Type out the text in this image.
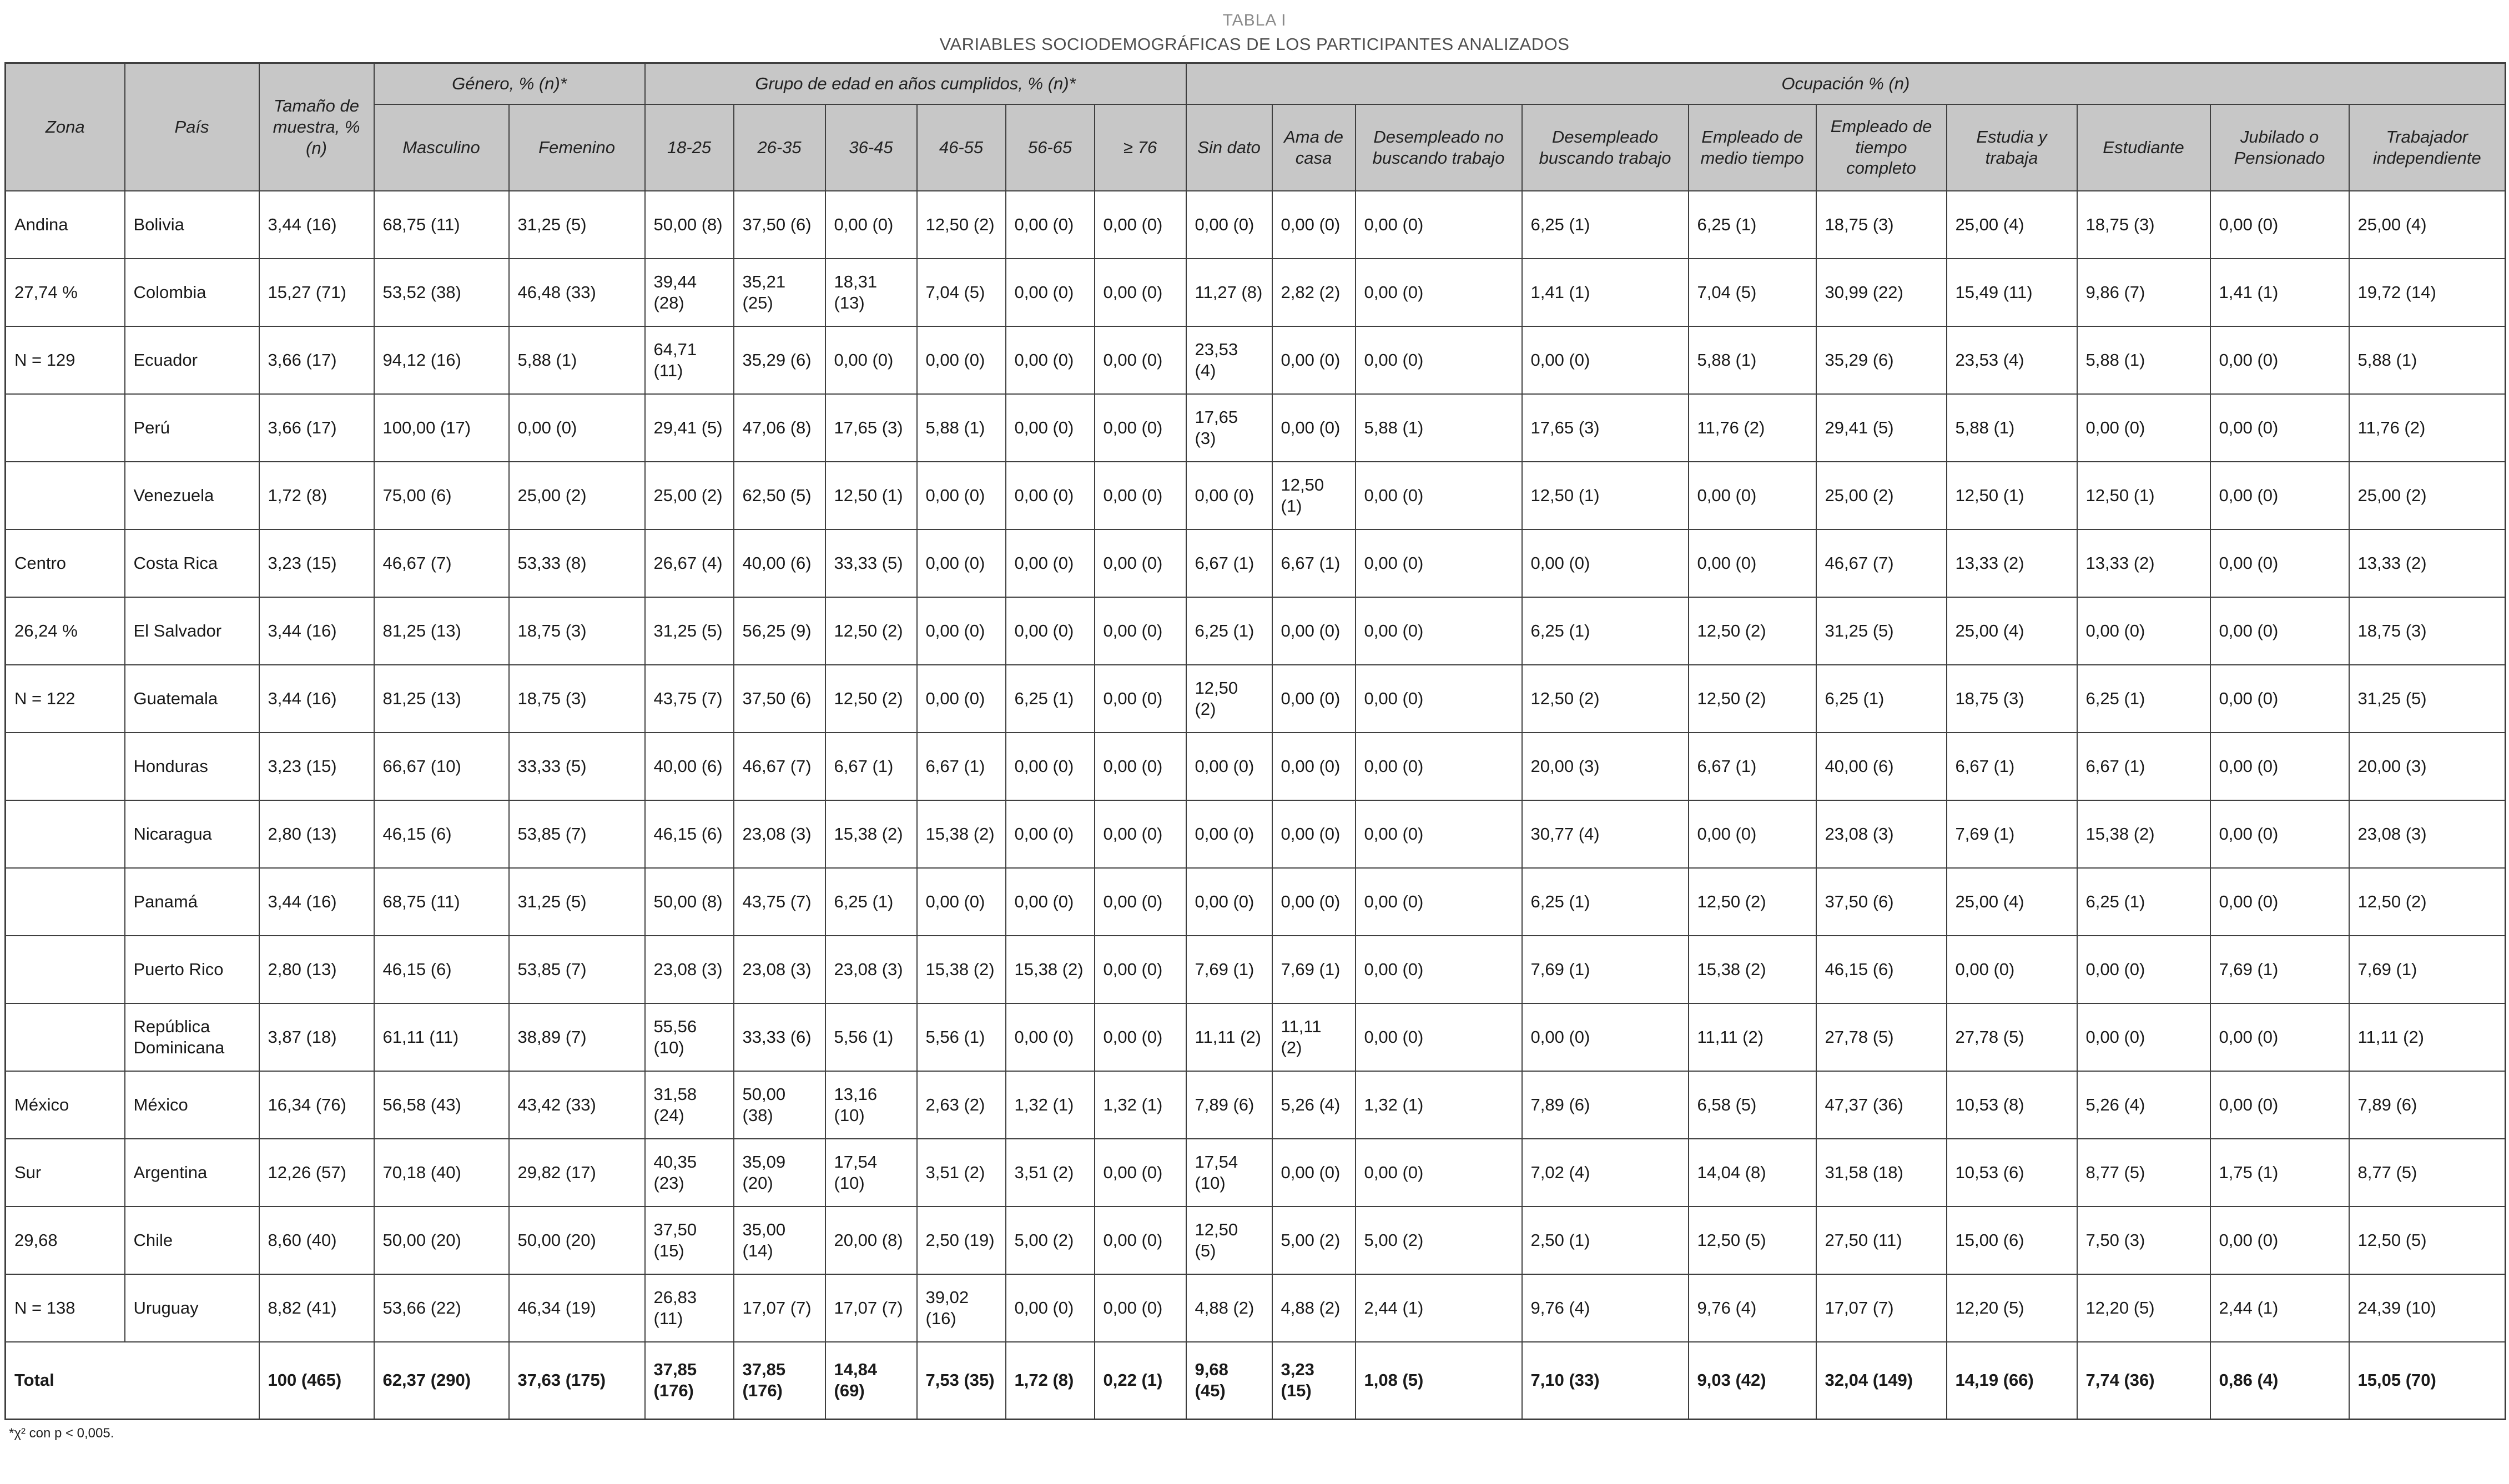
TABLA I
VARIABLES SOCIODEMOGRÁFICAS DE LOS PARTICIPANTES ANALIZADOS
Zona	País	Tamaño de muestra, % (n)	Género, % (n)*		Grupo de edad en años cumplidos, % (n)*						Ocupación % (n)									
			Masculino	Femenino	18-25	26-35	36-45	46-55	56-65	≥ 76	Sin dato	Ama de casa	Desempleado no buscando trabajo	Desempleado buscando trabajo	Empleado de medio tiempo	Empleado de tiempo completo	Estudia y trabaja	Estudiante	Jubilado o Pensionado	Trabajador independiente
Andina	Bolivia	3,44 (16)	68,75 (11)	31,25 (5)	50,00 (8)	37,50 (6)	0,00 (0)	12,50 (2)	0,00 (0)	0,00 (0)	0,00 (0)	0,00 (0)	0,00 (0)	6,25 (1)	6,25 (1)	18,75 (3)	25,00 (4)	18,75 (3)	0,00 (0)	25,00 (4)
27,74 %	Colombia	15,27 (71)	53,52 (38)	46,48 (33)	39,44 (28)	35,21 (25)	18,31 (13)	7,04 (5)	0,00 (0)	0,00 (0)	11,27 (8)	2,82 (2)	0,00 (0)	1,41 (1)	7,04 (5)	30,99 (22)	15,49 (11)	9,86 (7)	1,41 (1)	19,72 (14)
N = 129	Ecuador	3,66 (17)	94,12 (16)	5,88 (1)	64,71 (11)	35,29 (6)	0,00 (0)	0,00 (0)	0,00 (0)	0,00 (0)	23,53 (4)	0,00 (0)	0,00 (0)	0,00 (0)	5,88 (1)	35,29 (6)	23,53 (4)	5,88 (1)	0,00 (0)	5,88 (1)
	Perú	3,66 (17)	100,00 (17)	0,00 (0)	29,41 (5)	47,06 (8)	17,65 (3)	5,88 (1)	0,00 (0)	0,00 (0)	17,65 (3)	0,00 (0)	5,88 (1)	17,65 (3)	11,76 (2)	29,41 (5)	5,88 (1)	0,00 (0)	0,00 (0)	11,76 (2)
	Venezuela	1,72 (8)	75,00 (6)	25,00 (2)	25,00 (2)	62,50 (5)	12,50 (1)	0,00 (0)	0,00 (0)	0,00 (0)	0,00 (0)	12,50 (1)	0,00 (0)	12,50 (1)	0,00 (0)	25,00 (2)	12,50 (1)	12,50 (1)	0,00 (0)	25,00 (2)
Centro	Costa Rica	3,23 (15)	46,67 (7)	53,33 (8)	26,67 (4)	40,00 (6)	33,33 (5)	0,00 (0)	0,00 (0)	0,00 (0)	6,67 (1)	6,67 (1)	0,00 (0)	0,00 (0)	0,00 (0)	46,67 (7)	13,33 (2)	13,33 (2)	0,00 (0)	13,33 (2)
26,24 %	El Salvador	3,44 (16)	81,25 (13)	18,75 (3)	31,25 (5)	56,25 (9)	12,50 (2)	0,00 (0)	0,00 (0)	0,00 (0)	6,25 (1)	0,00 (0)	0,00 (0)	6,25 (1)	12,50 (2)	31,25 (5)	25,00 (4)	0,00 (0)	0,00 (0)	18,75 (3)
N = 122	Guatemala	3,44 (16)	81,25 (13)	18,75 (3)	43,75 (7)	37,50 (6)	12,50 (2)	0,00 (0)	6,25 (1)	0,00 (0)	12,50 (2)	0,00 (0)	0,00 (0)	12,50 (2)	12,50 (2)	6,25 (1)	18,75 (3)	6,25 (1)	0,00 (0)	31,25 (5)
	Honduras	3,23 (15)	66,67 (10)	33,33 (5)	40,00 (6)	46,67 (7)	6,67 (1)	6,67 (1)	0,00 (0)	0,00 (0)	0,00 (0)	0,00 (0)	0,00 (0)	20,00 (3)	6,67 (1)	40,00 (6)	6,67 (1)	6,67 (1)	0,00 (0)	20,00 (3)
	Nicaragua	2,80 (13)	46,15 (6)	53,85 (7)	46,15 (6)	23,08 (3)	15,38 (2)	15,38 (2)	0,00 (0)	0,00 (0)	0,00 (0)	0,00 (0)	0,00 (0)	30,77 (4)	0,00 (0)	23,08 (3)	7,69 (1)	15,38 (2)	0,00 (0)	23,08 (3)
	Panamá	3,44 (16)	68,75 (11)	31,25 (5)	50,00 (8)	43,75 (7)	6,25 (1)	0,00 (0)	0,00 (0)	0,00 (0)	0,00 (0)	0,00 (0)	0,00 (0)	6,25 (1)	12,50 (2)	37,50 (6)	25,00 (4)	6,25 (1)	0,00 (0)	12,50 (2)
	Puerto Rico	2,80 (13)	46,15 (6)	53,85 (7)	23,08 (3)	23,08 (3)	23,08 (3)	15,38 (2)	15,38 (2)	0,00 (0)	7,69 (1)	7,69 (1)	0,00 (0)	7,69 (1)	15,38 (2)	46,15 (6)	0,00 (0)	0,00 (0)	7,69 (1)	7,69 (1)
	República Dominicana	3,87 (18)	61,11 (11)	38,89 (7)	55,56 (10)	33,33 (6)	5,56 (1)	5,56 (1)	0,00 (0)	0,00 (0)	11,11 (2)	11,11 (2)	0,00 (0)	0,00 (0)	11,11 (2)	27,78 (5)	27,78 (5)	0,00 (0)	0,00 (0)	11,11 (2)
México	México	16,34 (76)	56,58 (43)	43,42 (33)	31,58 (24)	50,00 (38)	13,16 (10)	2,63 (2)	1,32 (1)	1,32 (1)	7,89 (6)	5,26 (4)	1,32 (1)	7,89 (6)	6,58 (5)	47,37 (36)	10,53 (8)	5,26 (4)	0,00 (0)	7,89 (6)
Sur	Argentina	12,26 (57)	70,18 (40)	29,82 (17)	40,35 (23)	35,09 (20)	17,54 (10)	3,51 (2)	3,51 (2)	0,00 (0)	17,54 (10)	0,00 (0)	0,00 (0)	7,02 (4)	14,04 (8)	31,58 (18)	10,53 (6)	8,77 (5)	1,75 (1)	8,77 (5)
29,68	Chile	8,60 (40)	50,00 (20)	50,00 (20)	37,50 (15)	35,00 (14)	20,00 (8)	2,50 (19)	5,00 (2)	0,00 (0)	12,50 (5)	5,00 (2)	5,00 (2)	2,50 (1)	12,50 (5)	27,50 (11)	15,00 (6)	7,50 (3)	0,00 (0)	12,50 (5)
N = 138	Uruguay	8,82 (41)	53,66 (22)	46,34 (19)	26,83 (11)	17,07 (7)	17,07 (7)	39,02 (16)	0,00 (0)	0,00 (0)	4,88 (2)	4,88 (2)	2,44 (1)	9,76 (4)	9,76 (4)	17,07 (7)	12,20 (5)	12,20 (5)	2,44 (1)	24,39 (10)
Total		100 (465)	62,37 (290)	37,63 (175)	37,85 (176)	37,85 (176)	14,84 (69)	7,53 (35)	1,72 (8)	0,22 (1)	9,68 (45)	3,23 (15)	1,08 (5)	7,10 (33)	9,03 (42)	32,04 (149)	14,19 (66)	7,74 (36)	0,86 (4)	15,05 (70)
*χ² con p < 0,005.
